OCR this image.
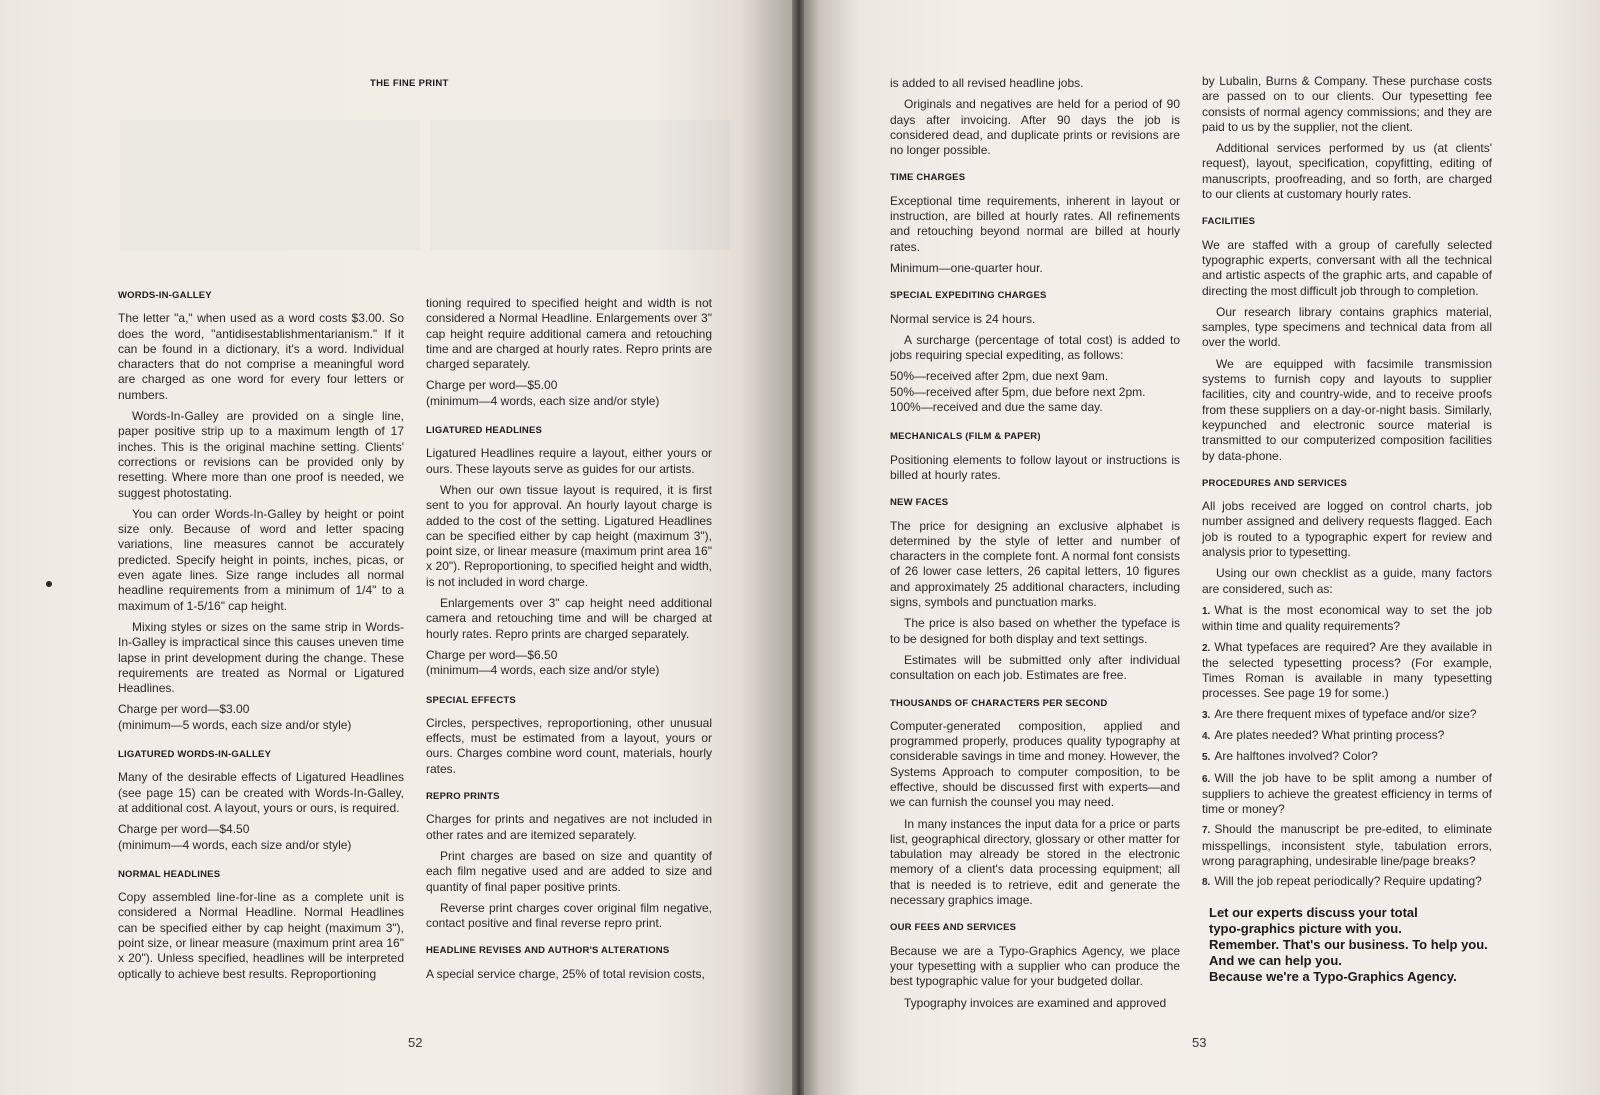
THE FINE PRINT
WORDS-IN-GALLEY

The letter "a," when used as a word costs $3.00. So does the word, "antidisestablishmentarianism." If it can be found in a dictionary, it's a word. Individual characters that do not comprise a meaningful word are charged as one word for every four letters or numbers.

Words-In-Galley are provided on a single line, paper positive strip up to a maximum length of 17 inches. This is the original machine setting. Clients' corrections or revisions can be provided only by resetting. Where more than one proof is needed, we suggest photostating.

You can order Words-In-Galley by height or point size only. Because of word and letter spacing variations, line measures cannot be accurately predicted. Specify height in points, inches, picas, or even agate lines. Size range includes all normal headline requirements from a minimum of 1/4" to a maximum of 1-5/16" cap height.

Mixing styles or sizes on the same strip in Words-In-Galley is impractical since this causes uneven time lapse in print development during the change. These requirements are treated as Normal or Ligatured Headlines.

Charge per word—$3.00
(minimum—5 words, each size and/or style)
LIGATURED WORDS-IN-GALLEY

Many of the desirable effects of Ligatured Headlines (see page 15) can be created with Words-In-Galley, at additional cost. A layout, yours or ours, is required.

Charge per word—$4.50
(minimum—4 words, each size and/or style)
NORMAL HEADLINES

Copy assembled line-for-line as a complete unit is considered a Normal Headline. Normal Headlines can be specified either by cap height (maximum 3"), point size, or linear measure (maximum print area 16" x 20"). Unless specified, headlines will be interpreted optically to achieve best results. Reproportioning

tioning required to specified height and width is not considered a Normal Headline. Enlargements over 3" cap height require additional camera and retouching time and are charged at hourly rates. Repro prints are charged separately.

Charge per word—$5.00
(minimum—4 words, each size and/or style)
LIGATURED HEADLINES

Ligatured Headlines require a layout, either yours or ours. These layouts serve as guides for our artists.

When our own tissue layout is required, it is first sent to you for approval. An hourly layout charge is added to the cost of the setting. Ligatured Headlines can be specified either by cap height (maximum 3"), point size, or linear measure (maximum print area 16" x 20"). Reproportioning, to specified height and width, is not included in word charge.

Enlargements over 3" cap height need additional camera and retouching time and will be charged at hourly rates. Repro prints are charged separately.

Charge per word—$6.50
(minimum—4 words, each size and/or style)
SPECIAL EFFECTS

Circles, perspectives, reproportioning, other unusual effects, must be estimated from a layout, yours or ours. Charges combine word count, materials, hourly rates.

REPRO PRINTS

Charges for prints and negatives are not included in other rates and are itemized separately.

Print charges are based on size and quantity of each film negative used and are added to size and quantity of final paper positive prints.

Reverse print charges cover original film negative, contact positive and final reverse repro print.

HEADLINE REVISES AND AUTHOR'S ALTERATIONS

A special service charge, 25% of total revision costs,

52	53

is added to all revised headline jobs.

Originals and negatives are held for a period of 90 days after invoicing. After 90 days the job is considered dead, and duplicate prints or revisions are no longer possible.

TIME CHARGES

Exceptional time requirements, inherent in layout or instruction, are billed at hourly rates. All refinements and retouching beyond normal are billed at hourly rates.

Minimum—one-quarter hour.

SPECIAL EXPEDITING CHARGES

Normal service is 24 hours.

A surcharge (percentage of total cost) is added to jobs requiring special expediting, as follows:

50%—received after 2pm, due next 9am.
50%—received after 5pm, due before next 2pm.
100%—received and due the same day.
MECHANICALS (FILM & PAPER)

Positioning elements to follow layout or instructions is billed at hourly rates.

NEW FACES

The price for designing an exclusive alphabet is determined by the style of letter and number of characters in the complete font. A normal font consists of 26 lower case letters, 26 capital letters, 10 figures and approximately 25 additional characters, including signs, symbols and punctuation marks.

The price is also based on whether the typeface is to be designed for both display and text settings.

Estimates will be submitted only after individual consultation on each job. Estimates are free.

THOUSANDS OF CHARACTERS PER SECOND

Computer-generated composition, applied and programmed properly, produces quality typography at considerable savings in time and money. However, the Systems Approach to computer composition, to be effective, should be discussed first with experts—and we can furnish the counsel you may need.

In many instances the input data for a price or parts list, geographical directory, glossary or other matter for tabulation may already be stored in the electronic memory of a client's data processing equipment; all that is needed is to retrieve, edit and generate the necessary graphics image.

OUR FEES AND SERVICES

Because we are a Typo-Graphics Agency, we place your typesetting with a supplier who can produce the best typographic value for your budgeted dollar.

Typography invoices are examined and approved

by Lubalin, Burns & Company. These purchase costs are passed on to our clients. Our typesetting fee consists of normal agency commissions; and they are paid to us by the supplier, not the client.

Additional services performed by us (at clients' request), layout, specification, copyfitting, editing of manuscripts, proofreading, and so forth, are charged to our clients at customary hourly rates.

FACILITIES

We are staffed with a group of carefully selected typographic experts, conversant with all the technical and artistic aspects of the graphic arts, and capable of directing the most difficult job through to completion.

Our research library contains graphics material, samples, type specimens and technical data from all over the world.

We are equipped with facsimile transmission systems to furnish copy and layouts to supplier facilities, city and country-wide, and to receive proofs from these suppliers on a day-or-night basis. Similarly, keypunched and electronic source material is transmitted to our computerized composition facilities by data-phone.

PROCEDURES AND SERVICES

All jobs received are logged on control charts, job number assigned and delivery requests flagged. Each job is routed to a typographic expert for review and analysis prior to typesetting.

Using our own checklist as a guide, many factors are considered, such as:

1. What is the most economical way to set the job within time and quality requirements?
2. What typefaces are required? Are they available in the selected typesetting process? (For example, Times Roman is available in many typesetting processes. See page 19 for some.)
3. Are there frequent mixes of typeface and/or size?
4. Are plates needed? What printing process?
5. Are halftones involved? Color?
6. Will the job have to be split among a number of suppliers to achieve the greatest efficiency in terms of time or money?
7. Should the manuscript be pre-edited, to eliminate misspellings, inconsistent style, tabulation errors, wrong paragraphing, undesirable line/page breaks?
8. Will the job repeat periodically? Require updating?
Let our experts discuss your total
typo-graphics picture with you.
Remember. That's our business. To help you.
And we can help you.
Because we're a Typo-Graphics Agency.
